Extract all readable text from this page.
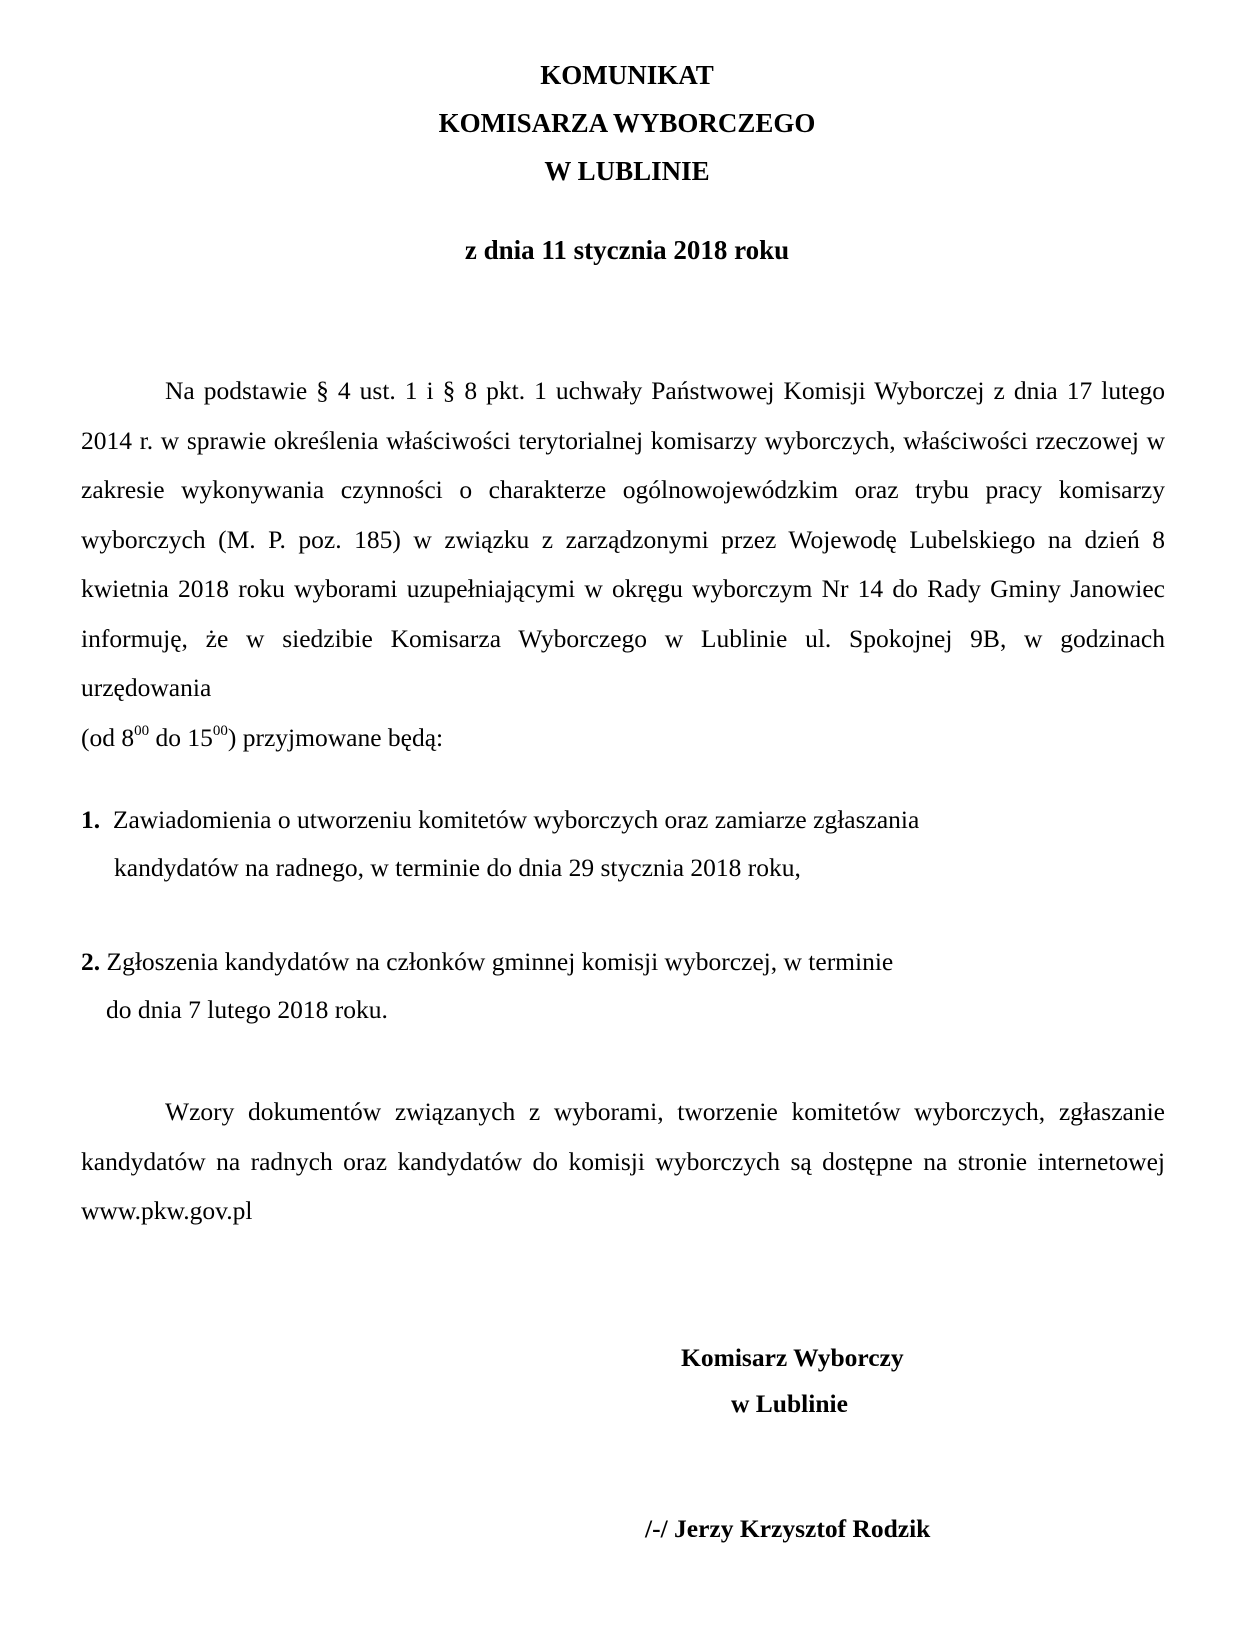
KOMUNIKAT
KOMISARZA WYBORCZEGO
W LUBLINIE
z dnia 11 stycznia 2018 roku
Na podstawie § 4 ust. 1 i § 8 pkt. 1 uchwały Państwowej Komisji Wyborczej z dnia 17 lutego 2014 r. w sprawie określenia właściwości terytorialnej komisarzy wyborczych, właściwości rzeczowej w zakresie wykonywania czynności o charakterze ogólnowojewódzkim oraz trybu pracy komisarzy wyborczych (M. P. poz. 185) w związku z zarządzonymi przez Wojewodę Lubelskiego na dzień 8 kwietnia 2018 roku wyborami uzupełniającymi w okręgu wyborczym Nr 14 do Rady Gminy Janowiec informuję, że w siedzibie Komisarza Wyborczego w Lublinie ul. Spokojnej 9B, w godzinach urzędowania
(od $8^{00}$ do $15^{00}$) przyjmowane będą:
1. Zawiadomienia o utworzeniu komitetów wyborczych oraz zamiarze zgłaszania
kandydatów na radnego, w terminie do dnia 29 stycznia 2018 roku,
2. Zgłoszenia kandydatów na członków gminnej komisji wyborczej, w terminie
do dnia 7 lutego 2018 roku.
Wzory dokumentów związanych z wyborami, tworzenie komitetów wyborczych, zgłaszanie kandydatów na radnych oraz kandydatów do komisji wyborczych są dostępne na stronie internetowej www.pkw.gov.pl
Komisarz Wyborczy
w Lublinie
/-/ Jerzy Krzysztof Rodzik
